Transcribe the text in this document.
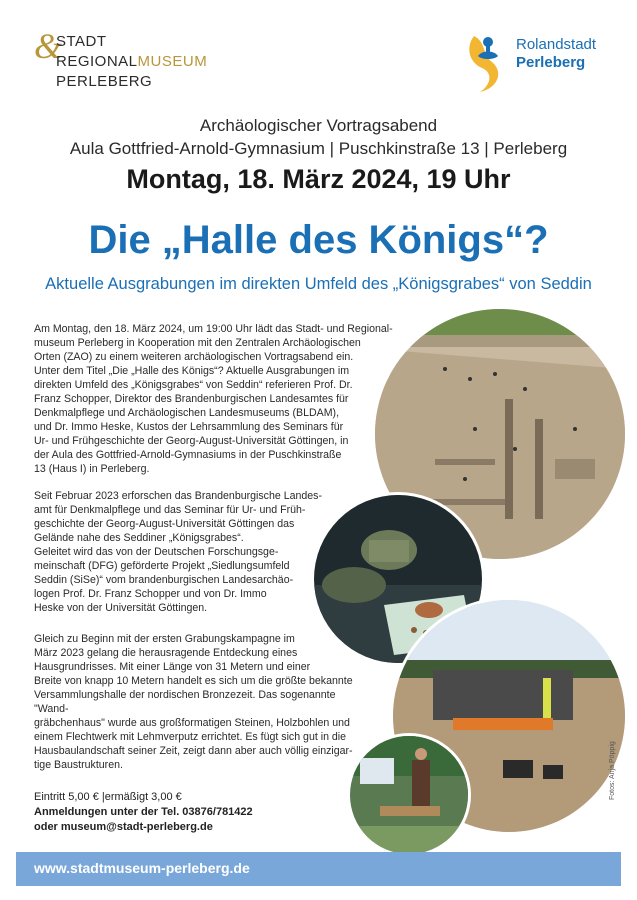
&
STADT
REGIONALMUSEUM
PERLEBERG
Rolandstadt
Perleberg
Archäologischer Vortragsabend
Aula Gottfried-Arnold-Gymnasium | Puschkinstraße 13 | Perleberg
Montag, 18. März 2024, 19 Uhr
Die „Halle des Königs“?
Aktuelle Ausgrabungen im direkten Umfeld des „Königsgrabes“ von Seddin
Am Montag, den 18. März 2024, um 19:00 Uhr lädt das Stadt- und Regional-
museum Perleberg in Kooperation mit den Zentralen Archäologischen
Orten (ZAO) zu einem weiteren archäologischen Vortragsabend ein.
Unter dem Titel „Die „Halle des Königs“? Aktuelle Ausgrabungen im
direkten Umfeld des „Königsgrabes“ von Seddin“ referieren Prof. Dr.
Franz Schopper, Direktor des Brandenburgischen Landesamtes für
Denkmalpflege und Archäologischen Landesmuseums (BLDAM),
und Dr. Immo Heske, Kustos der Lehrsammlung des Seminars für
Ur- und Frühgeschichte der Georg-August-Universität Göttingen, in
der Aula des Gottfried-Arnold-Gymnasiums in der Puschkinstraße
13 (Haus I) in Perleberg.
Seit Februar 2023 erforschen das Brandenburgische Landes-
amt für Denkmalpflege und das Seminar für Ur- und Früh-
geschichte der Georg-August-Universität Göttingen das
Gelände nahe des Seddiner „Königsgrabes“.
Geleitet wird das von der Deutschen Forschungsge-
meinschaft (DFG) geförderte Projekt „Siedlungsumfeld
Seddin (SiSe)“ vom brandenburgischen Landesarchäo-
logen Prof. Dr. Franz Schopper und von Dr. Immo
Heske von der Universität Göttingen.
Gleich zu Beginn mit der ersten Grabungskampagne im
März 2023 gelang die herausragende Entdeckung eines
Hausgrundrisses. Mit einer Länge von 31 Metern und einer
Breite von knapp 10 Metern handelt es sich um die größte bekannte
Versammlungshalle der nordischen Bronzezeit. Das sogenannte "Wand-
gräbchenhaus" wurde aus großformatigen Steinen, Holzbohlen und
einem Flechtwerk mit Lehmverputz errichtet. Es fügt sich gut in die
Hausbaulandschaft seiner Zeit, zeigt dann aber auch völlig einzigar-
tige Baustrukturen.
Eintritt 5,00 € |ermäßigt 3,00 €
Anmeldungen unter der Tel. 03876/781422
oder museum@stadt-perleberg.de
Fotos: Anja Pöppig
www.stadtmuseum-perleberg.de
